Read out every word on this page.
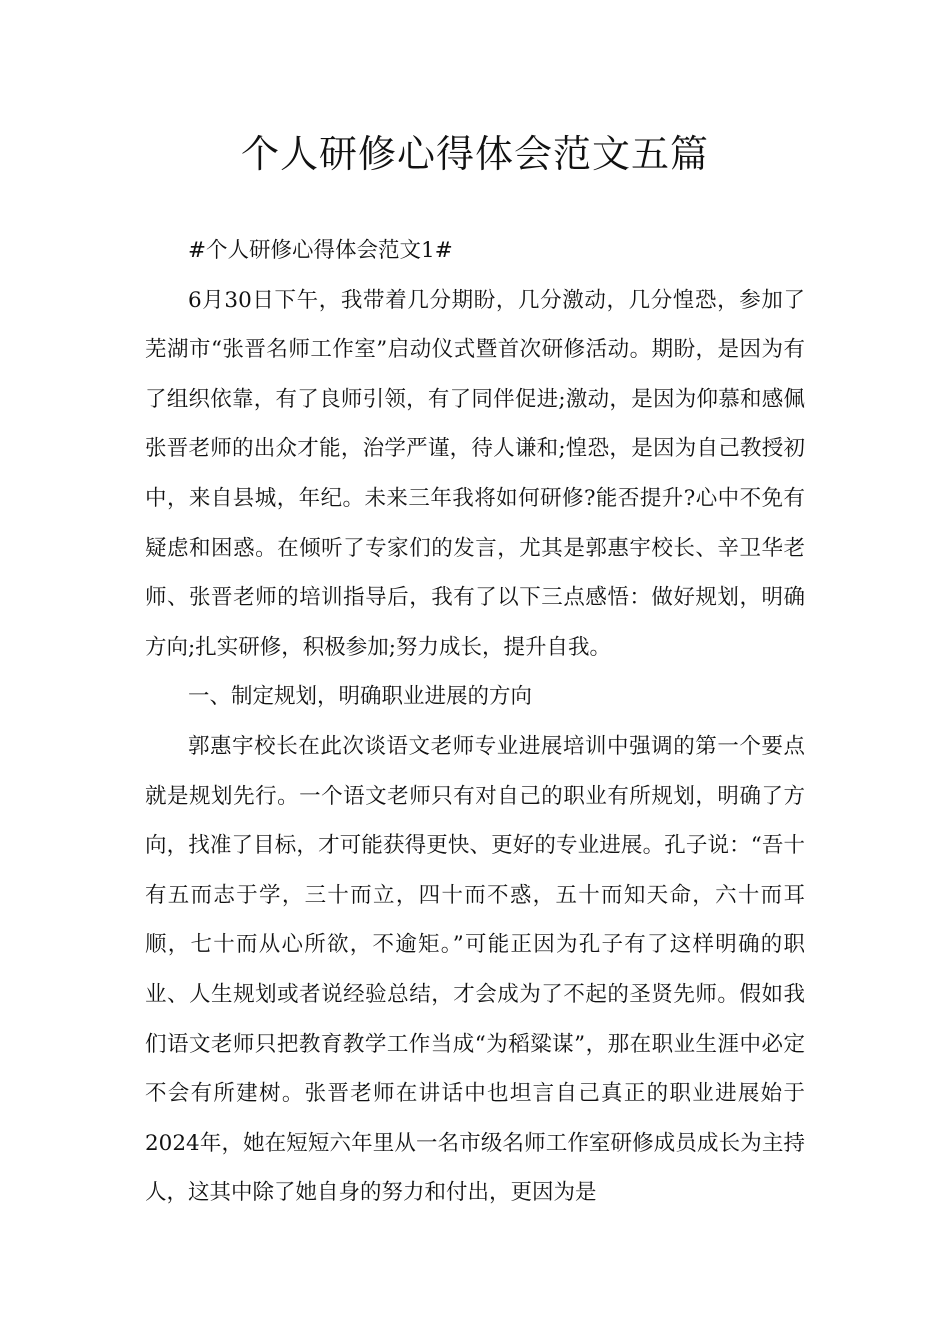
个人研修心得体会范文五篇

#个人研修心得体会范文1#

6月30日下午，我带着几分期盼，几分激动，几分惶恐，参加了芜湖市“张晋名师工作室”启动仪式暨首次研修活动。期盼，是因为有了组织依靠，有了良师引领，有了同伴促进;激动，是因为仰慕和感佩张晋老师的出众才能，治学严谨，待人谦和;惶恐，是因为自己教授初中，来自县城，年纪。未来三年我将如何研修?能否提升?心中不免有疑虑和困惑。在倾听了专家们的发言，尤其是郭惠宇校长、辛卫华老师、张晋老师的培训指导后，我有了以下三点感悟：做好规划，明确方向;扎实研修，积极参加;努力成长，提升自我。

一、制定规划，明确职业进展的方向

郭惠宇校长在此次谈语文老师专业进展培训中强调的第一个要点就是规划先行。一个语文老师只有对自己的职业有所规划，明确了方向，找准了目标，才可能获得更快、更好的专业进展。孔子说：“吾十有五而志于学，三十而立，四十而不惑，五十而知天命，六十而耳顺，七十而从心所欲，不逾矩。”可能正因为孔子有了这样明确的职业、人生规划或者说经验总结，才会成为了不起的圣贤先师。假如我们语文老师只把教育教学工作当成“为稻粱谋”，那在职业生涯中必定不会有所建树。张晋老师在讲话中也坦言自己真正的职业进展始于2024年，她在短短六年里从一名市级名师工作室研修成员成长为主持人，这其中除了她自身的努力和付出，更因为是
